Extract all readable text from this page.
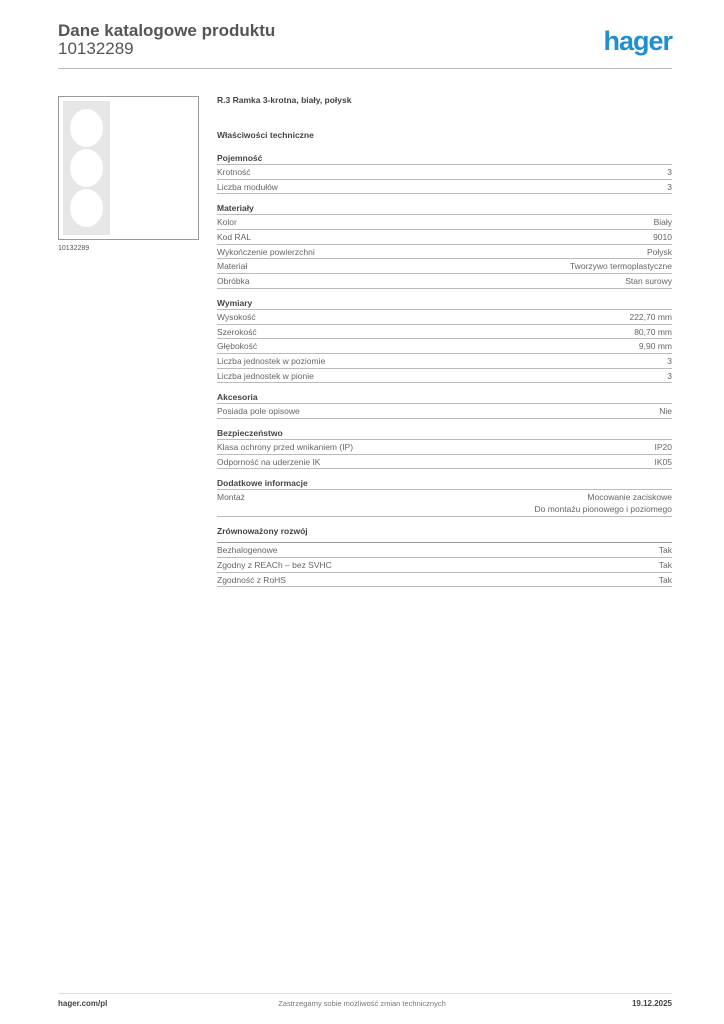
Dane katalogowe produktu
10132289	hager
10132289
R.3 Ramka 3-krotna, biały, połysk
Właściwości techniczne
Pojemność
Krotność	3
Liczba modułów	3
Materiały
Kolor	Biały
Kod RAL	9010
Wykończenie powierzchni	Połysk
Materiał	Tworzywo termoplastyczne
Obróbka	Stan surowy
Wymiary
Wysokość	222,70 mm
Szerokość	80,70 mm
Głębokość	9,90 mm
Liczba jednostek w poziomie	3
Liczba jednostek w pionie	3
Akcesoria
Posiada pole opisowe	Nie
Bezpieczeństwo
Klasa ochrony przed wnikaniem (IP)	IP20
Odporność na uderzenie IK	IK05
Dodatkowe informacje
Montaż	Mocowanie zaciskowe
Do montażu pionowego i poziomego
Zrównoważony rozwój
Bezhalogenowe	Tak
Zgodny z REACh – bez SVHC	Tak
Zgodność z RoHS	Tak
hager.com/pl	Zastrzegamy sobie możliwość zmian technicznych	19.12.2025
